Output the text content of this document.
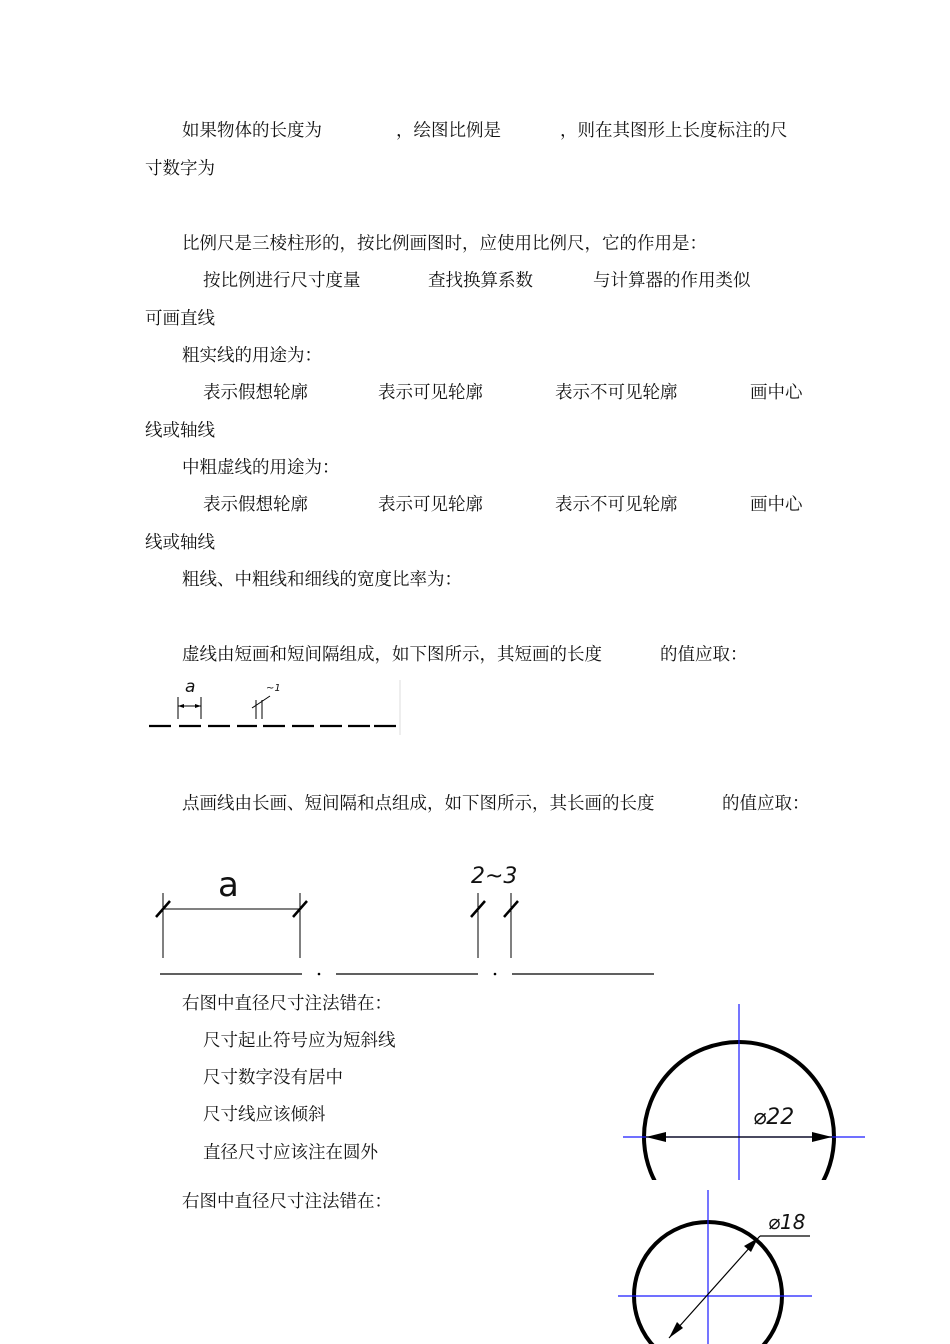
如果物体的长度为	，绘图比例是	，则在其图形上长度标注的尺
寸数字为
比例尺是三棱柱形的，按比例画图时，应使用比例尺，它的作用是：
按比例进行尺寸度量	查找换算系数	与计算器的作用类似
可画直线
粗实线的用途为：
表示假想轮廓	表示可见轮廓	表示不可见轮廓	画中心
线或轴线
中粗虚线的用途为：
表示假想轮廓	表示可见轮廓	表示不可见轮廓	画中心
线或轴线
粗线、中粗线和细线的宽度比率为：
虚线由短画和短间隔组成，如下图所示，其短画的长度	的值应取：
a	~1
点画线由长画、短间隔和点组成，如下图所示，其长画的长度	的值应取：
a	2~3
右图中直径尺寸注法错在：
尺寸起止符号应为短斜线
尺寸数字没有居中
尺寸线应该倾斜
直径尺寸应该注在圆外
⌀22
右图中直径尺寸注法错在：
⌀18
